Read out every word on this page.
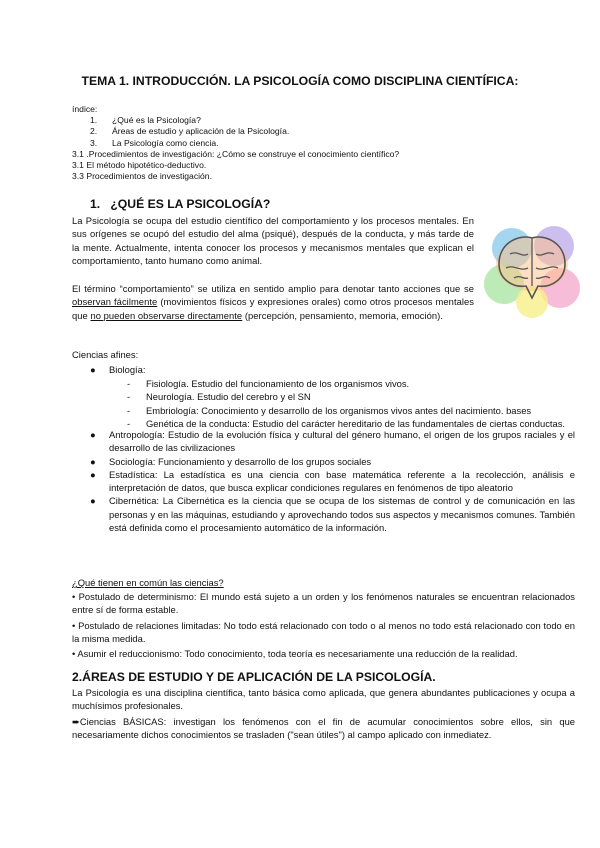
TEMA 1. INTRODUCCIÓN. LA PSICOLOGÍA COMO DISCIPLINA CIENTÍFICA:
índice:
1. ¿Qué es la Psicología?
2. Áreas de estudio y aplicación de la Psicología.
3. La Psicología como ciencia.
3.1 .Procedimientos de investigación: ¿Cómo se construye el conocimiento científico?
3.1 El método hipotético-deductivo.
3.3 Procedimientos de investigación.
1. ¿QUÉ ES LA PSICOLOGÍA?
La Psicología se ocupa del estudio científico del comportamiento y los procesos mentales. En sus orígenes se ocupó del estudio del alma (psiqué), después de la conducta, y más tarde de la mente. Actualmente, intenta conocer los procesos y mecanismos mentales que explican el comportamiento, tanto humano como animal.
El término “comportamiento” se utiliza en sentido amplio para denotar tanto acciones que se observan fácilmente (movimientos físicos y expresiones orales) como otros procesos mentales que no pueden observarse directamente (percepción, pensamiento, memoria, emoción).
Ciencias afines:
● Biología:
- Fisiología. Estudio del funcionamiento de los organismos vivos.
- Neurología. Estudio del cerebro y el SN
- Embriología: Conocimiento y desarrollo de los organismos vivos antes del nacimiento. bases
- Genética de la conducta: Estudio del carácter hereditario de las fundamentales de ciertas conductas.
● Antropología: Estudio de la evolución física y cultural del género humano, el origen de los grupos raciales y el desarrollo de las civilizaciones
● Sociología: Funcionamiento y desarrollo de los grupos sociales
● Estadística: La estadística es una ciencia con base matemática referente a la recolección, análisis e interpretación de datos, que busca explicar condiciones regulares en fenómenos de tipo aleatorio
● Cibernética: La Cibernética es la ciencia que se ocupa de los sistemas de control y de comunicación en las personas y en las máquinas, estudiando y aprovechando todos sus aspectos y mecanismos comunes. También está definida como el procesamiento automático de la información.
¿Qué tienen en común las ciencias?

• Postulado de determinismo: El mundo está sujeto a un orden y los fenómenos naturales se encuentran relacionados entre sí de forma estable.

• Postulado de relaciones limitadas: No todo está relacionado con todo o al menos no todo está relacionado con todo en la misma medida.

• Asumir el reduccionismo: Todo conocimiento, toda teoría es necesariamente una reducción de la realidad.

2.ÁREAS DE ESTUDIO Y DE APLICACIÓN DE LA PSICOLOGÍA.

La Psicología es una disciplina científica, tanto básica como aplicada, que genera abundantes publicaciones y ocupa a muchísimos profesionales.

➨Ciencias BÁSICAS: investigan los fenómenos con el fin de acumular conocimientos sobre ellos, sin que necesariamente dichos conocimientos se trasladen ("sean útiles") al campo aplicado con inmediatez.
